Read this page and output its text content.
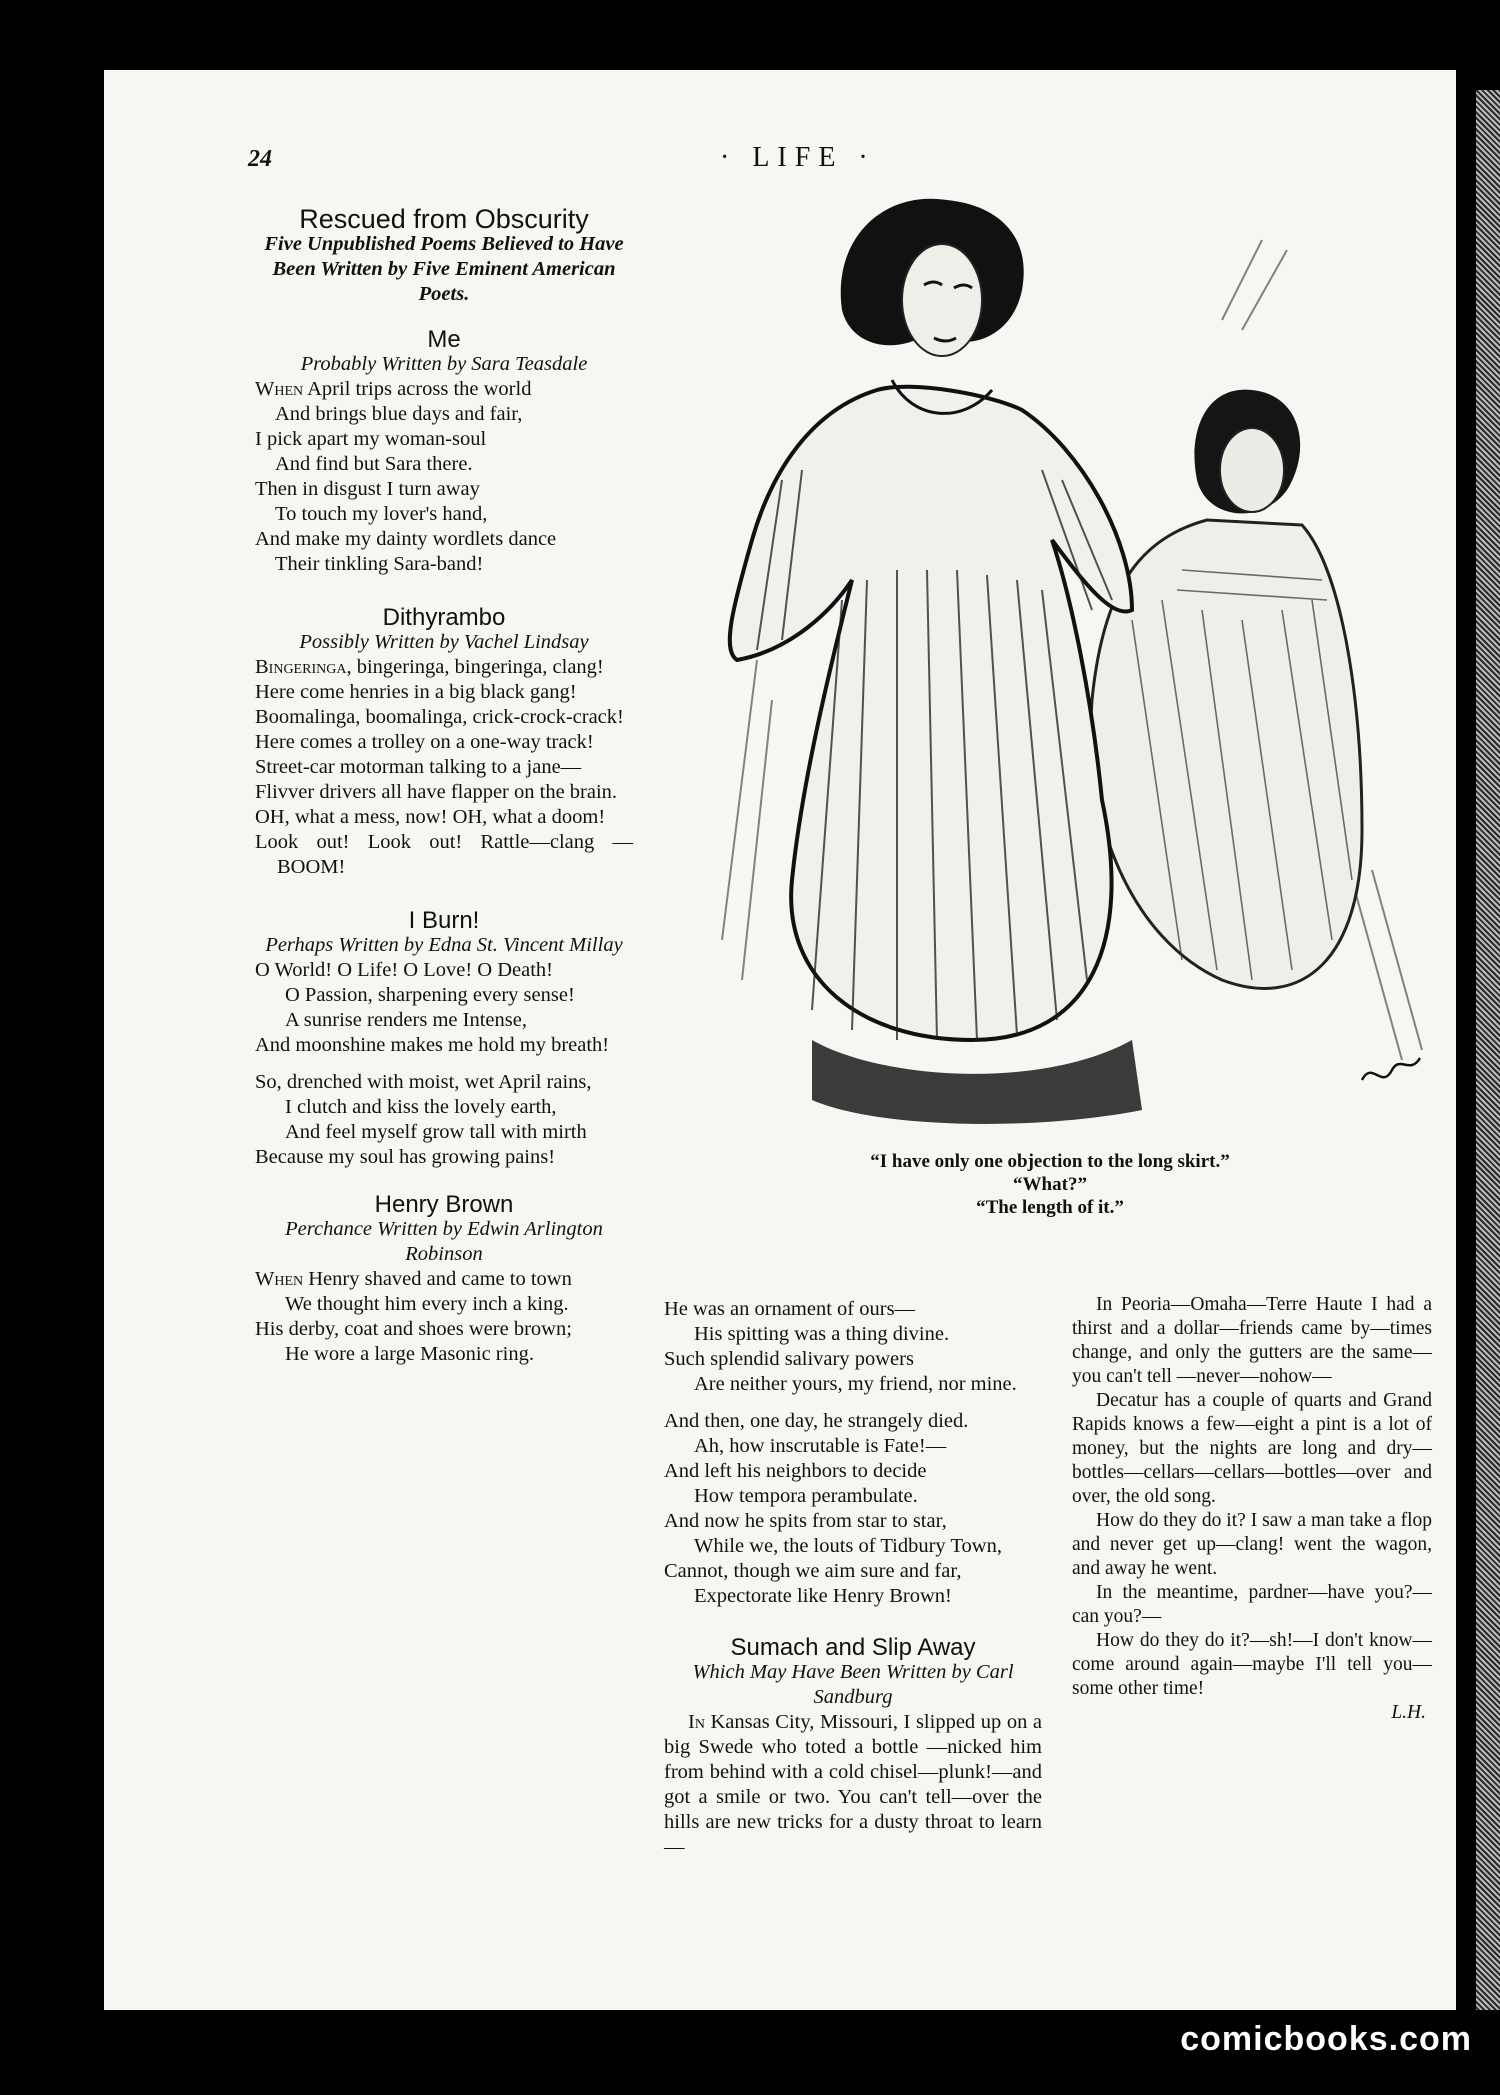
24	· LIFE ·

Rescued from Obscurity

Five Unpublished Poems Believed to Have Been Written by Five Eminent American Poets.

Me

Probably Written by Sara Teasdale

When April trips across the world

And brings blue days and fair,

I pick apart my woman-soul

And find but Sara there.

Then in disgust I turn away

To touch my lover's hand,

And make my dainty wordlets dance

Their tinkling Sara-band!

Dithyrambo

Possibly Written by Vachel Lindsay

Bingeringa, bingeringa, bingeringa, clang!

Here come henries in a big black gang!

Boomalinga, boomalinga, crick-crock-crack!

Here comes a trolley on a one-way track!

Street-car motorman talking to a jane—

Flivver drivers all have flapper on the brain.

OH, what a mess, now! OH, what a doom!

Look out! Look out! Rattle—clang —BOOM!

I Burn!

Perhaps Written by Edna St. Vincent Millay

O World! O Life! O Love! O Death!

O Passion, sharpening every sense!

A sunrise renders me Intense,

And moonshine makes me hold my breath!

So, drenched with moist, wet April rains,

I clutch and kiss the lovely earth,

And feel myself grow tall with mirth

Because my soul has growing pains!

Henry Brown

Perchance Written by Edwin Arlington Robinson

When Henry shaved and came to town

We thought him every inch a king.

His derby, coat and shoes were brown;

He wore a large Masonic ring.

“I have only one objection to the long skirt.”
“What?”
“The length of it.”

He was an ornament of ours—

His spitting was a thing divine.

Such splendid salivary powers

Are neither yours, my friend, nor mine.

And then, one day, he strangely died.

Ah, how inscrutable is Fate!—

And left his neighbors to decide

How tempora perambulate.

And now he spits from star to star,

While we, the louts of Tidbury Town,

Cannot, though we aim sure and far,

Expectorate like Henry Brown!

Sumach and Slip Away

Which May Have Been Written by Carl Sandburg

In Kansas City, Missouri, I slipped up on a big Swede who toted a bottle —nicked him from behind with a cold chisel—plunk!—and got a smile or two. You can't tell—over the hills are new tricks for a dusty throat to learn—

In Peoria—Omaha—Terre Haute I had a thirst and a dollar—friends came by—times change, and only the gutters are the same—you can't tell —never—nohow—

Decatur has a couple of quarts and Grand Rapids knows a few—eight a pint is a lot of money, but the nights are long and dry—bottles—cellars—cellars—bottles—over and over, the old song.

How do they do it? I saw a man take a flop and never get up—clang! went the wagon, and away he went.

In the meantime, pardner—have you?—can you?—

How do they do it?—sh!—I don't know—come around again—maybe I'll tell you—some other time!

L.H.

comicbooks.com
